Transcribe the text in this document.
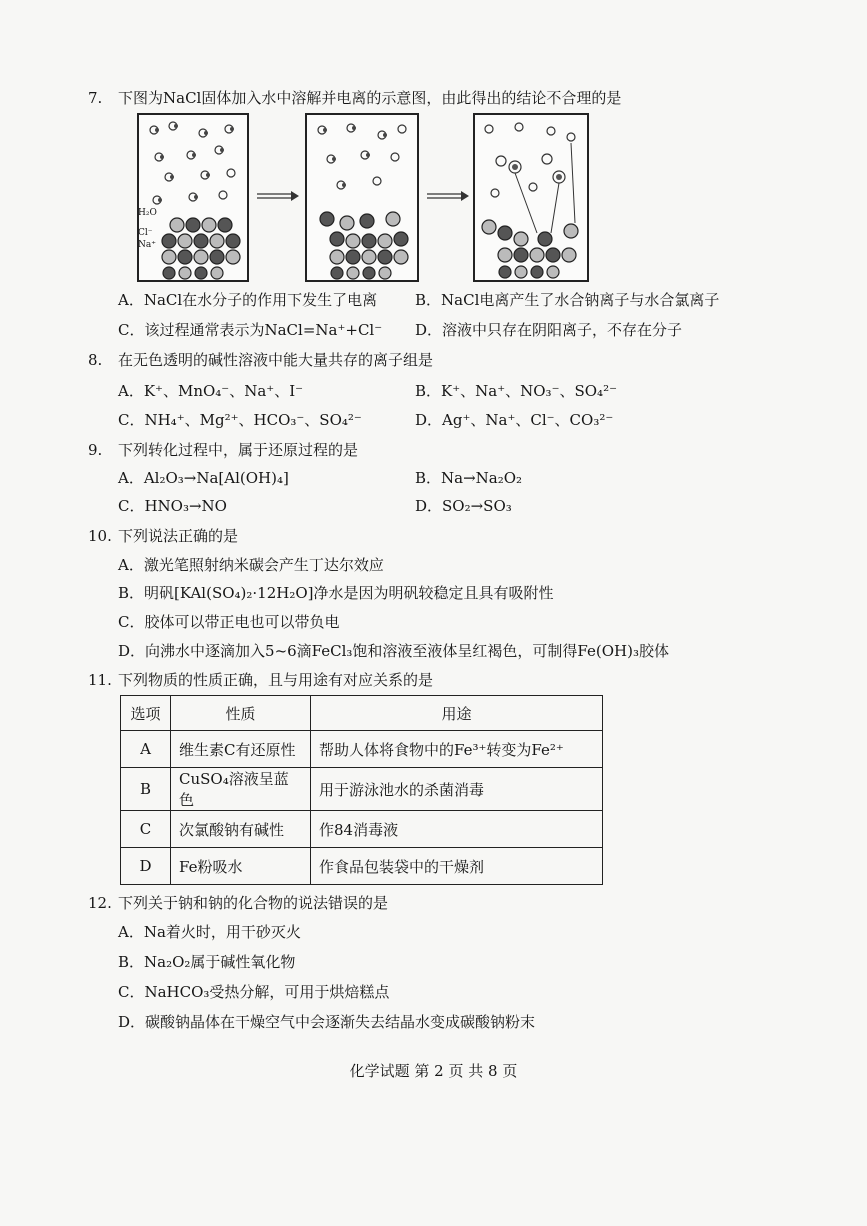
7. 下图为NaCl固体加入水中溶解并电离的示意图，由此得出的结论不合理的是
H₂O
Cl⁻
Na⁺
A．NaCl在水分子的作用下发生了电离	B．NaCl电离产生了水合钠离子与水合氯离子
C．该过程通常表示为NaCl=Na⁺+Cl⁻ D．溶液中只存在阴阳离子，不存在分子
8. 在无色透明的碱性溶液中能大量共存的离子组是
A．K⁺、MnO₄⁻、Na⁺、I⁻	B．K⁺、Na⁺、NO₃⁻、SO₄²⁻
C．NH₄⁺、Mg²⁺、HCO₃⁻、SO₄²⁻	D．Ag⁺、Na⁺、Cl⁻、CO₃²⁻
9. 下列转化过程中，属于还原过程的是
A．Al₂O₃→Na[Al(OH)₄]	B．Na→Na₂O₂
C．HNO₃→NO	D．SO₂→SO₃
10. 下列说法正确的是
A．激光笔照射纳米碳会产生丁达尔效应
B．明矾[KAl(SO₄)₂·12H₂O]净水是因为明矾较稳定且具有吸附性
C．胶体可以带正电也可以带负电
D．向沸水中逐滴加入5~6滴FeCl₃饱和溶液至液体呈红褐色，可制得Fe(OH)₃胶体
11. 下列物质的性质正确，且与用途有对应关系的是
选项	性质	用途
A	维生素C有还原性	帮助人体将食物中的Fe³⁺转变为Fe²⁺
B	CuSO₄溶液呈蓝色	用于游泳池水的杀菌消毒
C	次氯酸钠有碱性	作84消毒液
D	Fe粉吸水	作食品包装袋中的干燥剂
12. 下列关于钠和钠的化合物的说法错误的是
A．Na着火时，用干砂灭火
B．Na₂O₂属于碱性氧化物
C．NaHCO₃受热分解，可用于烘焙糕点
D．碳酸钠晶体在干燥空气中会逐渐失去结晶水变成碳酸钠粉末
化学试题 第 2 页 共 8 页
